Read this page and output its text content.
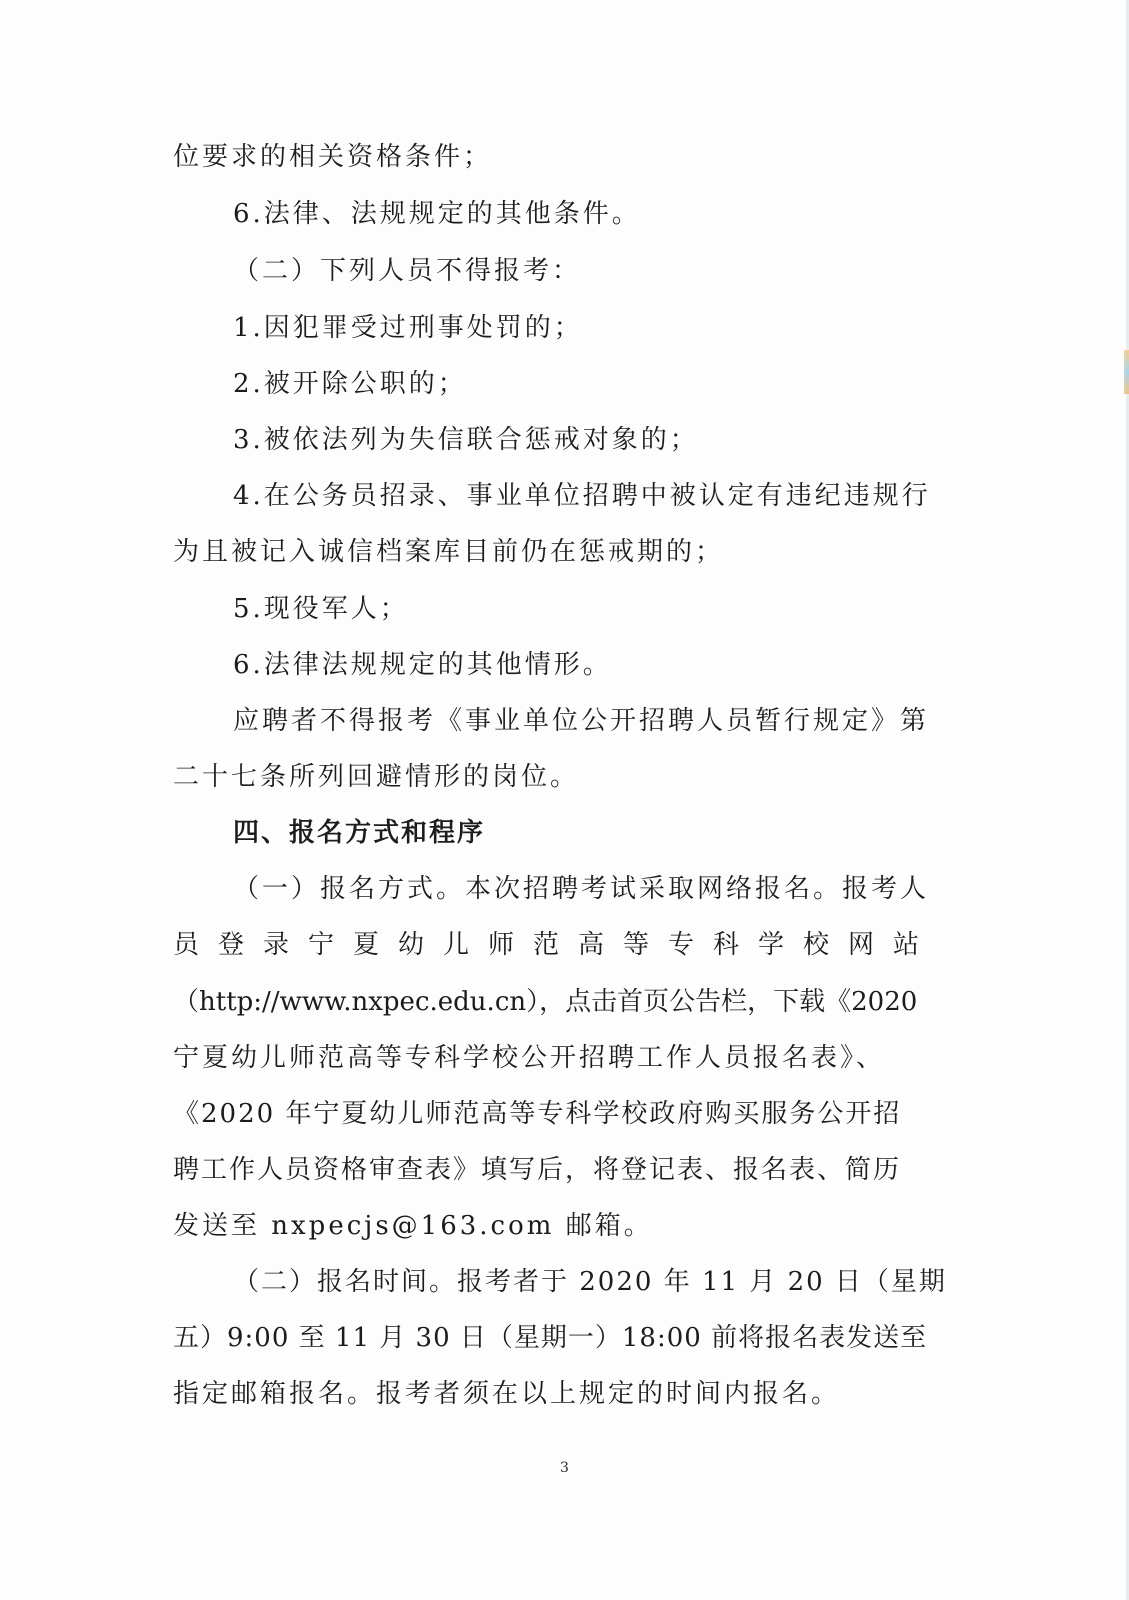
位要求的相关资格条件；
6.法律、法规规定的其他条件。
（二）下列人员不得报考：
1.因犯罪受过刑事处罚的；
2.被开除公职的；
3.被依法列为失信联合惩戒对象的；
4.在公务员招录、事业单位招聘中被认定有违纪违规行
为且被记入诚信档案库目前仍在惩戒期的；
5.现役军人；
6.法律法规规定的其他情形。
应聘者不得报考《事业单位公开招聘人员暂行规定》第
二十七条所列回避情形的岗位。
四、报名方式和程序
（一）报名方式。本次招聘考试采取网络报名。报考人
员登录宁夏幼儿师范高等专科学校网站
（http://www.nxpec.edu.cn），点击首页公告栏，下载《2020
宁夏幼儿师范高等专科学校公开招聘工作人员报名表》、
《2020 年宁夏幼儿师范高等专科学校政府购买服务公开招
聘工作人员资格审查表》填写后，将登记表、报名表、简历
发送至 nxpecjs@163.com 邮箱。
（二）报名时间。报考者于 2020 年 11 月 20 日（星期
五）9:00 至 11 月 30 日（星期一）18:00 前将报名表发送至
指定邮箱报名。报考者须在以上规定的时间内报名。
3
